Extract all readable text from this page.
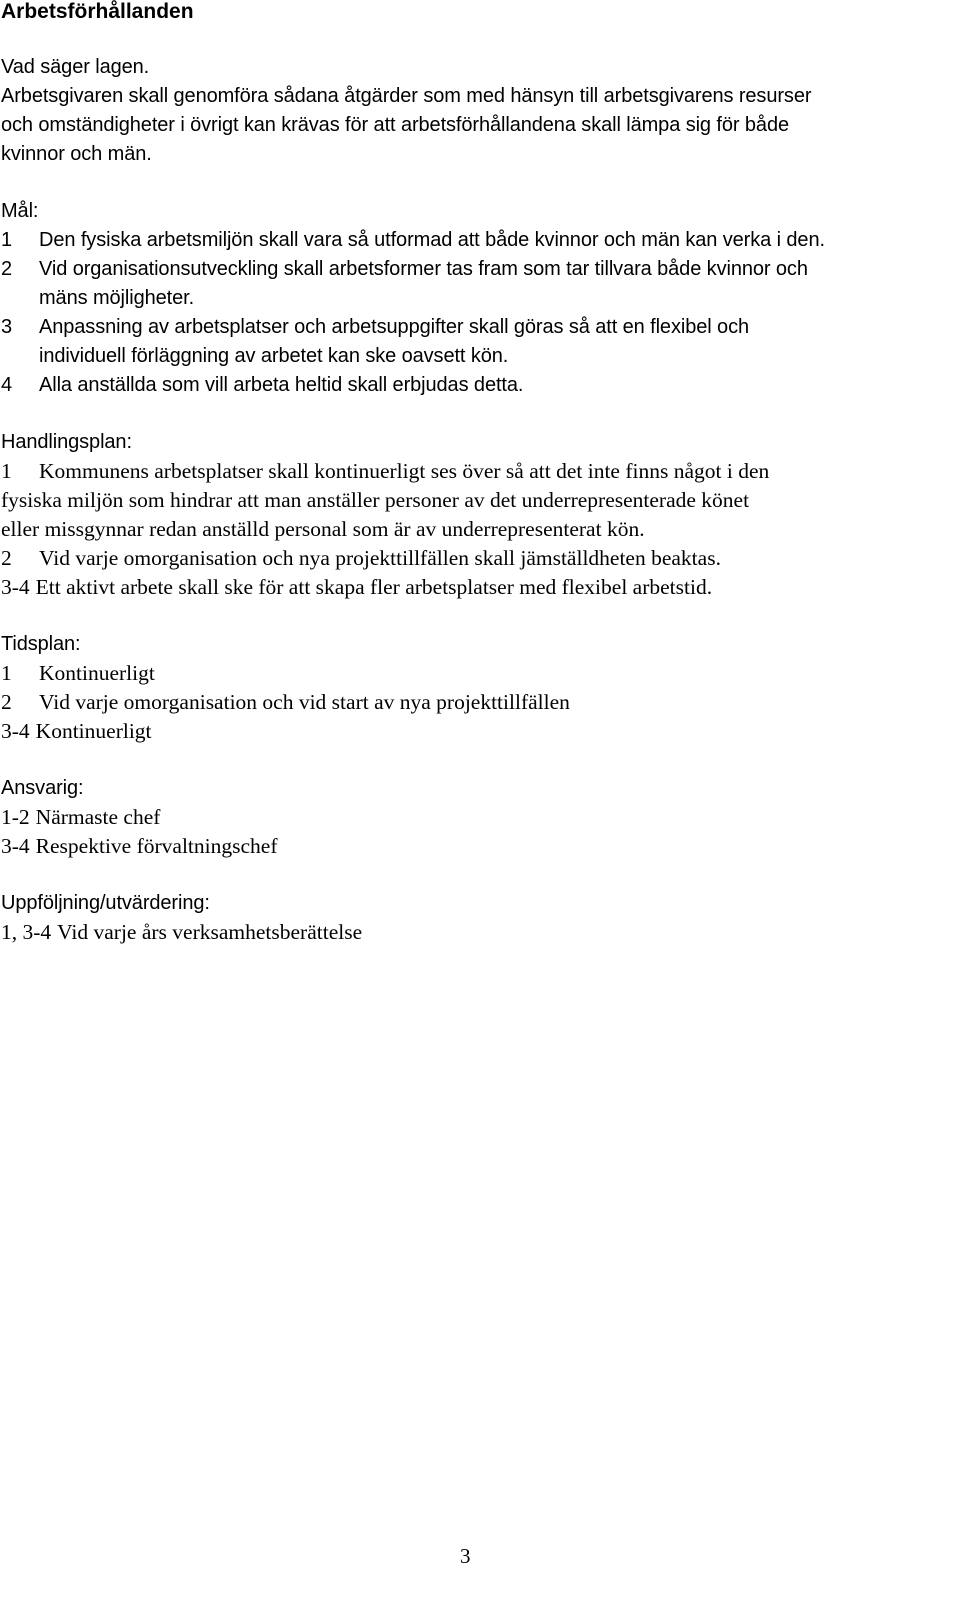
Arbetsförhållanden
Vad säger lagen.
Arbetsgivaren skall genomföra sådana åtgärder som med hänsyn till arbetsgivarens resurser
och omständigheter i övrigt kan krävas för att arbetsförhållandena skall lämpa sig för både
kvinnor och män.
Mål:
1	Den fysiska arbetsmiljön skall vara så utformad att både kvinnor och män kan verka i den.
2	Vid organisationsutveckling skall arbetsformer tas fram som tar tillvara både kvinnor och
mäns möjligheter.
3	Anpassning av arbetsplatser och arbetsuppgifter skall göras så att en flexibel och
individuell förläggning av arbetet kan ske oavsett kön.
4	Alla anställda som vill arbeta heltid skall erbjudas detta.
Handlingsplan:
1	Kommunens arbetsplatser skall kontinuerligt ses över så att det inte finns något i den
fysiska miljön som hindrar att man anställer personer av det underrepresenterade könet
eller missgynnar redan anställd personal som är av underrepresenterat kön.
2	Vid varje omorganisation och nya projekttillfällen skall jämställdheten beaktas.
3-4 Ett aktivt arbete skall ske för att skapa fler arbetsplatser med flexibel arbetstid.
Tidsplan:
1	Kontinuerligt
2	Vid varje omorganisation och vid start av nya projekttillfällen
3-4 Kontinuerligt
Ansvarig:
1-2 Närmaste chef
3-4 Respektive förvaltningschef
Uppföljning/utvärdering:
1, 3-4 Vid varje års verksamhetsberättelse
3
